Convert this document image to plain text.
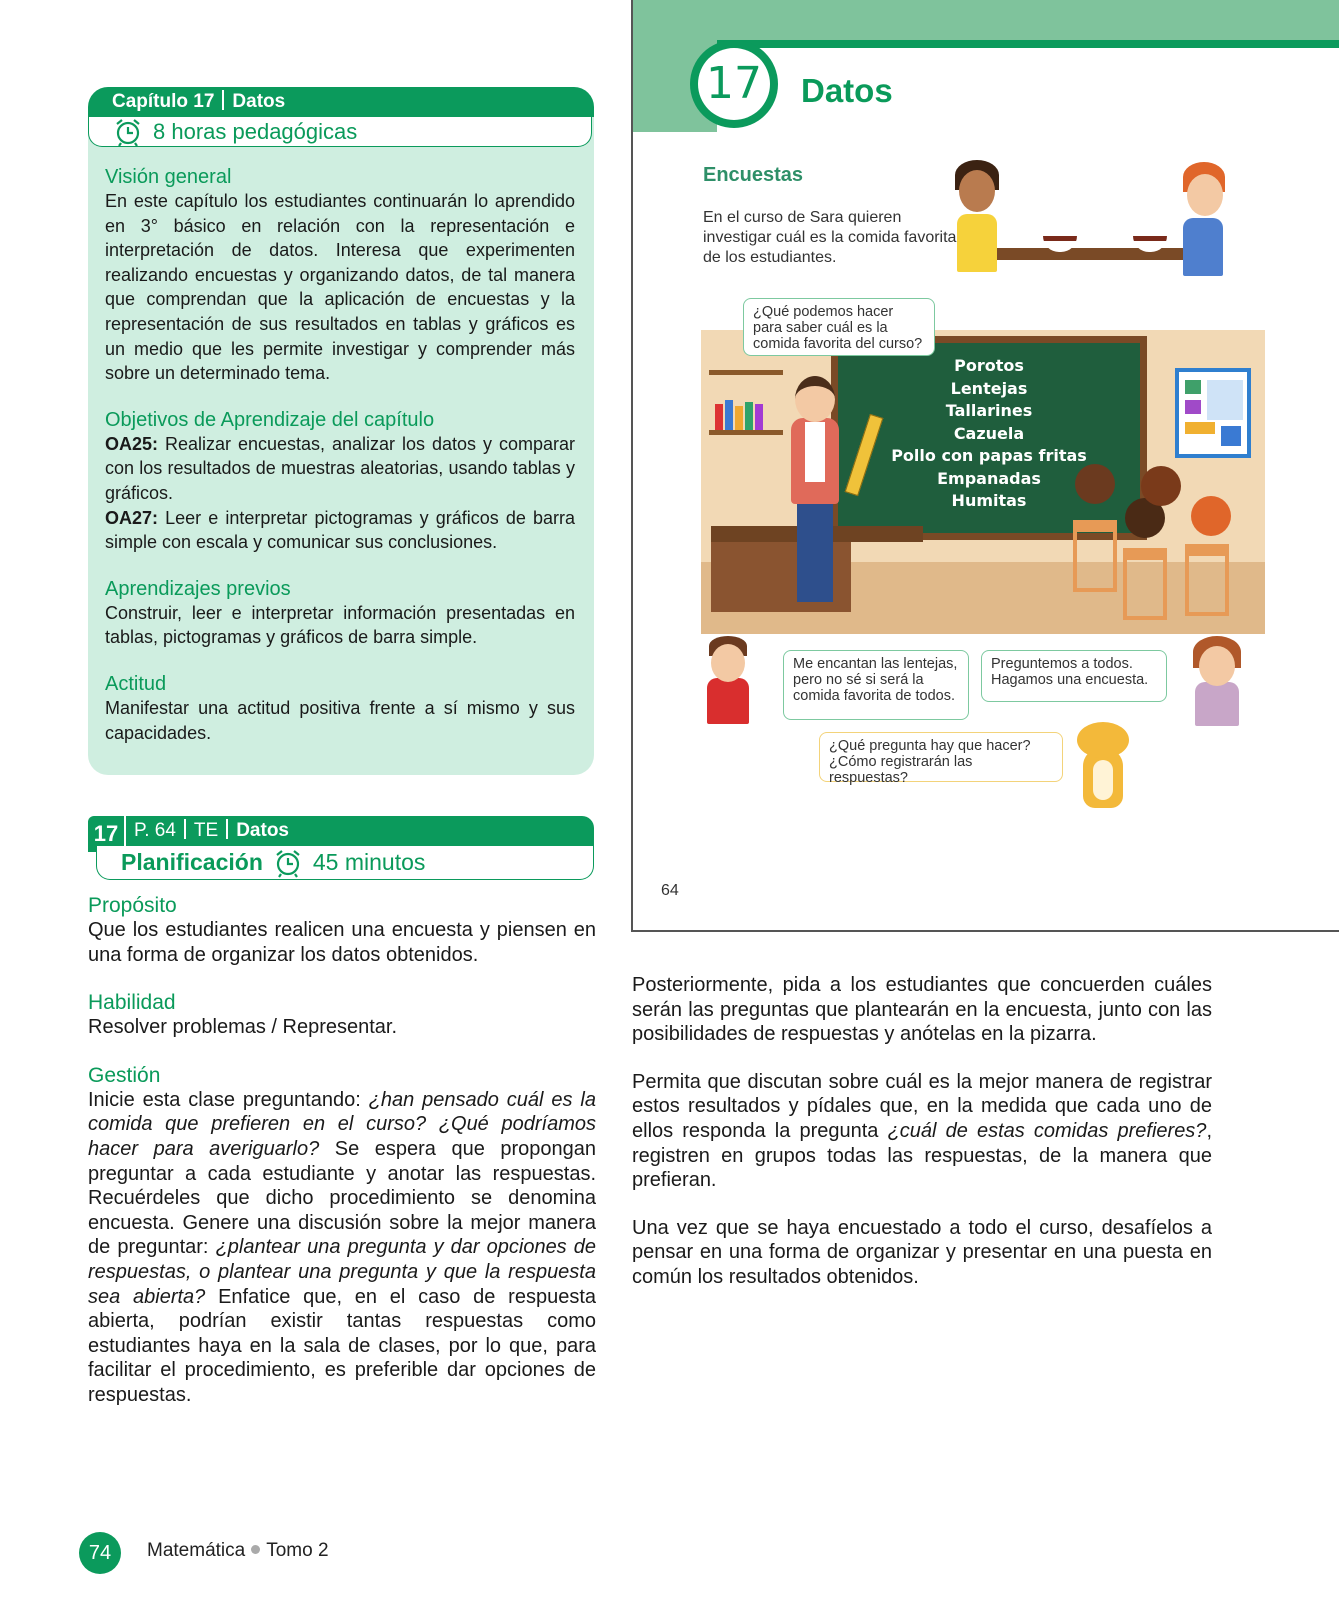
Capítulo 17 Datos
8 horas pedagógicas
Visión general
En este capítulo los estudiantes continuarán lo aprendido en 3° básico en relación con la representación e interpretación de datos. Interesa que experimenten realizando encuestas y organizando datos, de tal manera que comprendan que la aplicación de encuestas y la representación de sus resultados en tablas y gráficos es un medio que les permite investigar y comprender más sobre un determinado tema.
Objetivos de Aprendizaje del capítulo
OA25: Realizar encuestas, analizar los datos y comparar con los resultados de muestras aleatorias, usando tablas y gráficos.
OA27: Leer e interpretar pictogramas y gráficos de barra simple con escala y comunicar sus conclusiones.
Aprendizajes previos
Construir, leer e interpretar información presentadas en tablas, pictogramas y gráficos de barra simple.
Actitud
Manifestar una actitud positiva frente a sí mismo y sus capacidades.
17 P. 64 TE Datos
Planificación 45 minutos
Propósito
Que los estudiantes realicen una encuesta y piensen en una forma de organizar los datos obtenidos.
Habilidad
Resolver problemas / Representar.
Gestión
Inicie esta clase preguntando: ¿han pensado cuál es la comida que prefieren en el curso? ¿Qué podríamos hacer para averiguarlo? Se espera que propongan preguntar a cada estudiante y anotar las respuestas. Recuérdeles que dicho procedimiento se denomina encuesta. Genere una discusión sobre la mejor manera de preguntar: ¿plantear una pregunta y dar opciones de respuestas, o plantear una pregunta y que la respuesta sea abierta? Enfatice que, en el caso de respuesta abierta, podrían existir tantas respuestas como estudiantes haya en la sala de clases, por lo que, para facilitar el procedimiento, es preferible dar opciones de respuestas.
Posteriormente, pida a los estudiantes que concuerden cuáles serán las preguntas que plantearán en la encuesta, junto con las posibilidades de respuestas y anótelas en la pizarra.
Permita que discutan sobre cuál es la mejor manera de registrar estos resultados y pídales que, en la medida que cada uno de ellos responda la pregunta ¿cuál de estas comidas prefieres?, registren en grupos todas las respuestas, de la manera que prefieran.
Una vez que se haya encuestado a todo el curso, desafíelos a pensar en una forma de organizar y presentar en una puesta en común los resultados obtenidos.
17 Datos
Encuestas
En el curso de Sara quieren investigar cuál es la comida favorita de los estudiantes.
Porotos
Lentejas
Tallarines
Cazuela
Pollo con papas fritas
Empanadas
Humitas
¿Qué podemos hacer para saber cuál es la comida favorita del curso?
Me encantan las lentejas, pero no sé si será la comida favorita de todos.
Preguntemos a todos. Hagamos una encuesta.
¿Qué pregunta hay que hacer? ¿Cómo registrarán las respuestas?
64
74	Matemática Tomo 2
